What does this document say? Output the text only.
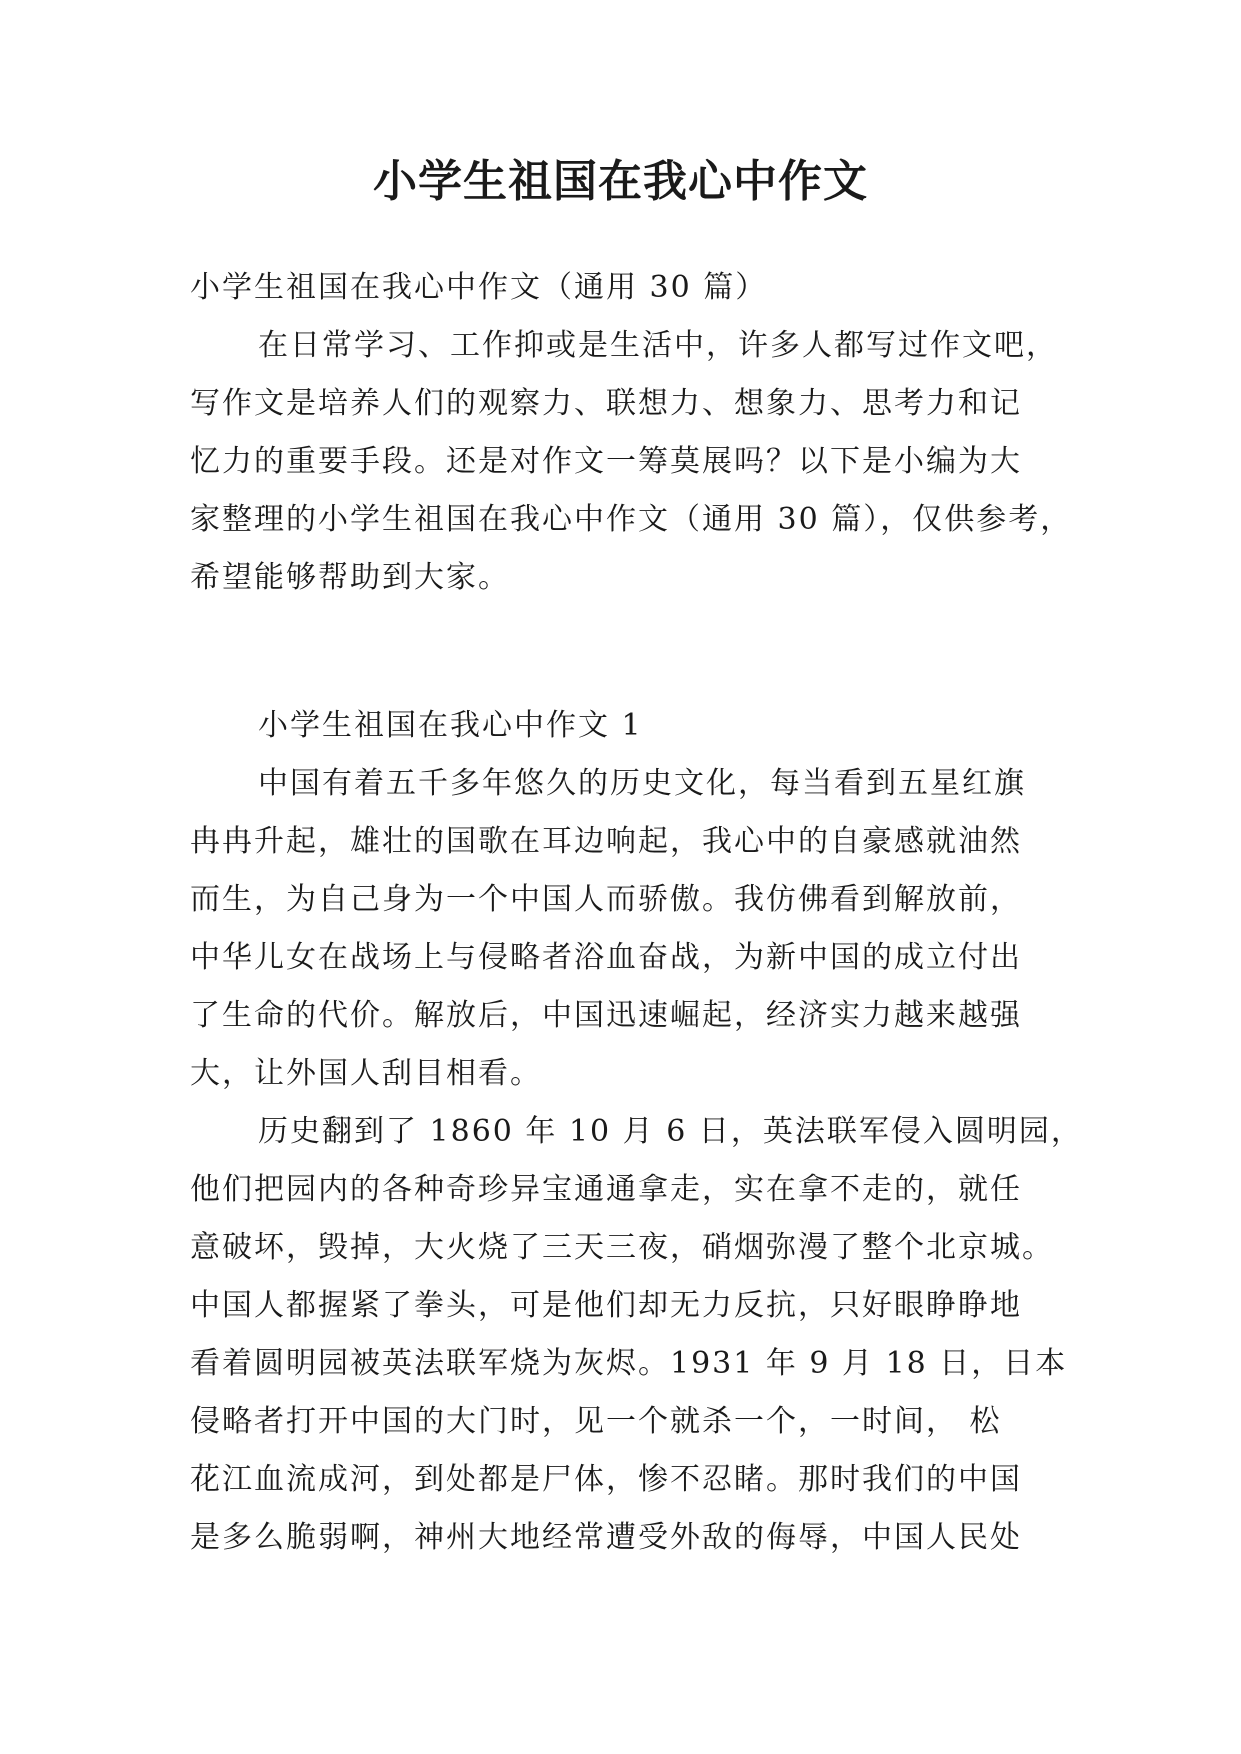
小学生祖国在我心中作文
小学生祖国在我心中作文（通用 30 篇）
在日常学习、工作抑或是生活中，许多人都写过作文吧，
写作文是培养人们的观察力、联想力、想象力、思考力和记
忆力的重要手段。还是对作文一筹莫展吗？以下是小编为大
家整理的小学生祖国在我心中作文（通用 30 篇），仅供参考，
希望能够帮助到大家。
小学生祖国在我心中作文 1
中国有着五千多年悠久的历史文化，每当看到五星红旗
冉冉升起，雄壮的国歌在耳边响起，我心中的自豪感就油然
而生，为自己身为一个中国人而骄傲。我仿佛看到解放前，
中华儿女在战场上与侵略者浴血奋战，为新中国的成立付出
了生命的代价。解放后，中国迅速崛起，经济实力越来越强
大，让外国人刮目相看。
历史翻到了 1860 年 10 月 6 日，英法联军侵入圆明园，
他们把园内的各种奇珍异宝通通拿走，实在拿不走的，就任
意破坏，毁掉，大火烧了三天三夜，硝烟弥漫了整个北京城。
中国人都握紧了拳头，可是他们却无力反抗，只好眼睁睁地
看着圆明园被英法联军烧为灰烬。1931 年 9 月 18 日，日本
侵略者打开中国的大门时，见一个就杀一个，一时间， 松
花江血流成河，到处都是尸体，惨不忍睹。那时我们的中国
是多么脆弱啊，神州大地经常遭受外敌的侮辱，中国人民处
